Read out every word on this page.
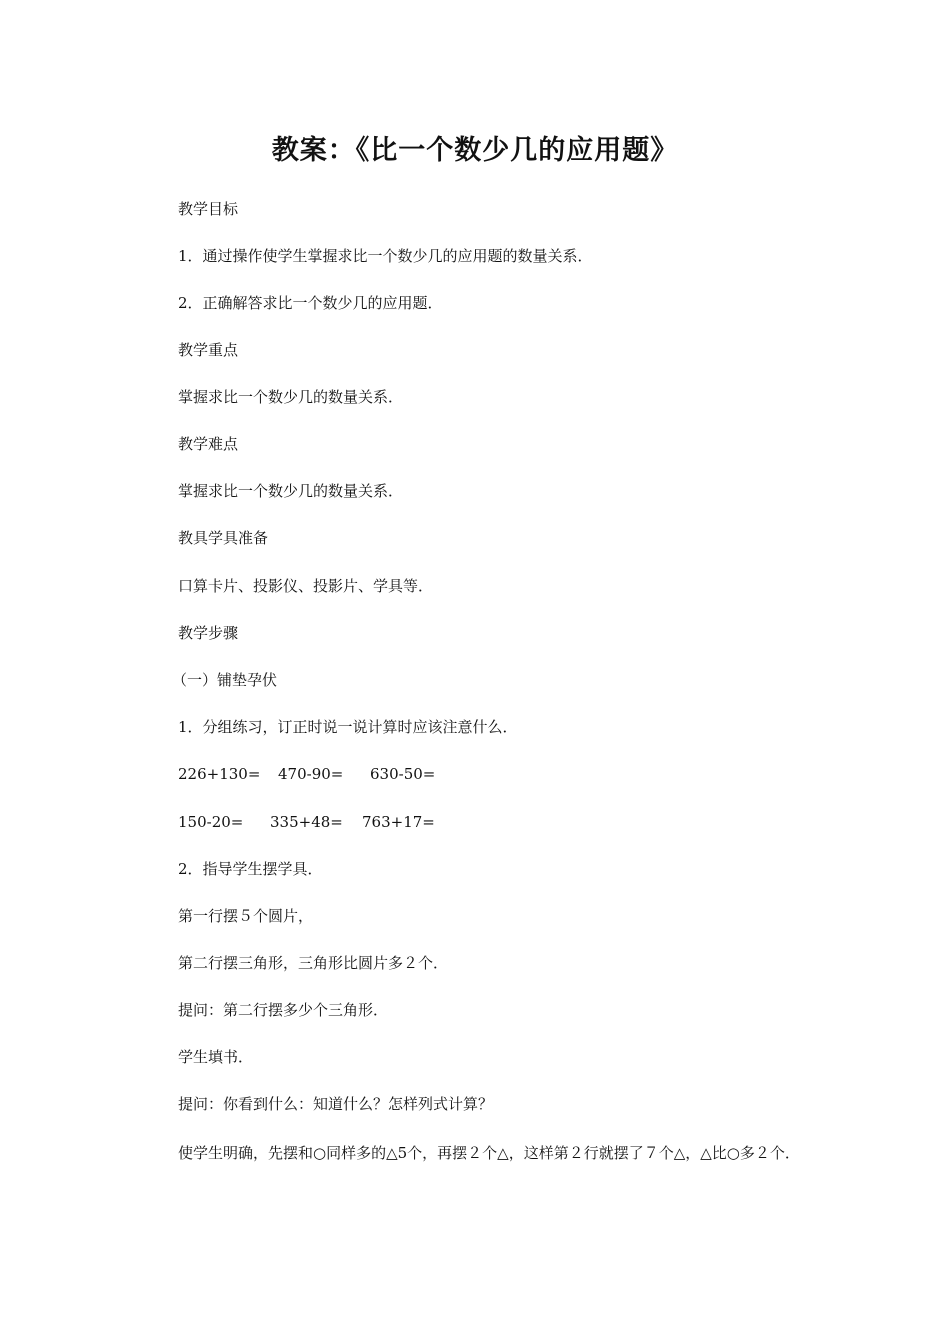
教案：《比一个数少几的应用题》

教学目标

1．通过操作使学生掌握求比一个数少几的应用题的数量关系．

2．正确解答求比一个数少几的应用题．

教学重点

掌握求比一个数少几的数量关系．

教学难点

掌握求比一个数少几的数量关系．

教具学具准备

口算卡片、投影仪、投影片、学具等．

教学步骤

（一）铺垫孕伏

1．分组练习，订正时说一说计算时应该注意什么．

226+130= 470-90= 630-50=
150-20= 335+48= 763+17=

2．指导学生摆学具．

第一行摆５个圆片，

第二行摆三角形，三角形比圆片多２个．

提问：第二行摆多少个三角形．

学生填书．

提问：你看到什么：知道什么？怎样列式计算？

使学生明确，先摆和○同样多的△5个，再摆２个△，这样第２行就摆了７个△，△比○多２个．
